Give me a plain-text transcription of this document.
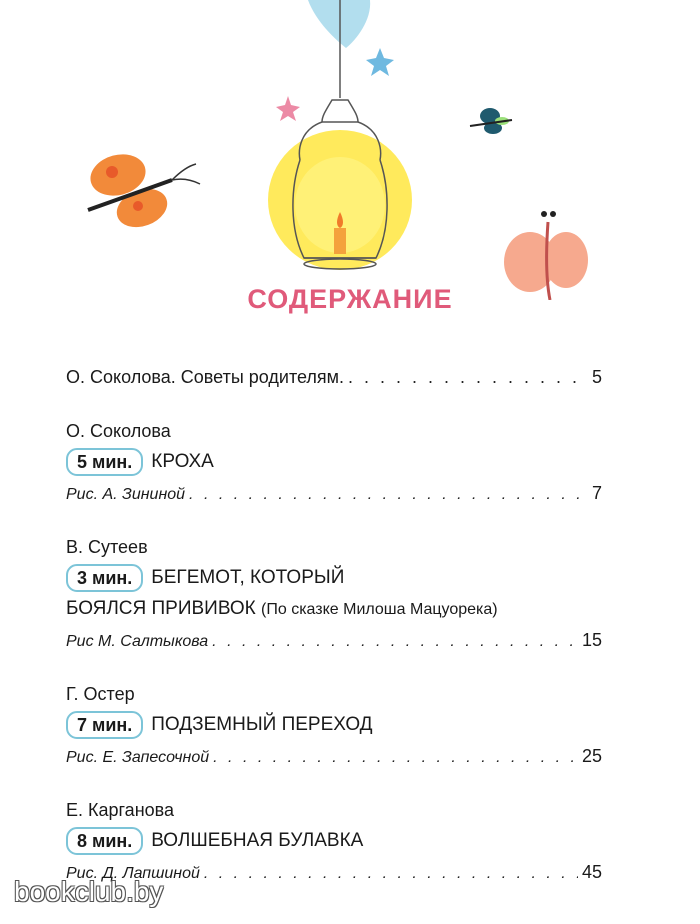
СОДЕРЖАНИЕ
О. Соколова. Советы родителям. . . .	5
О. Соколова
5 мин.	КРОХА
Рис. А. Зининой . . .	7
В. Сутеев
3 мин.	БЕГЕМОТ, КОТОРЫЙ
БОЯЛСЯ ПРИВИВОК (По сказке Милоша Мацуорека)
Рис М. Салтыкова . . .	15
Г. Остер
7 мин.	ПОДЗЕМНЫЙ ПЕРЕХОД
Рис. Е. Запесочной . . .	25
Е. Карганова
8 мин.	ВОЛШЕБНАЯ БУЛАВКА
Рис. Д. Лапшиной . . .	45
bookclub.by
